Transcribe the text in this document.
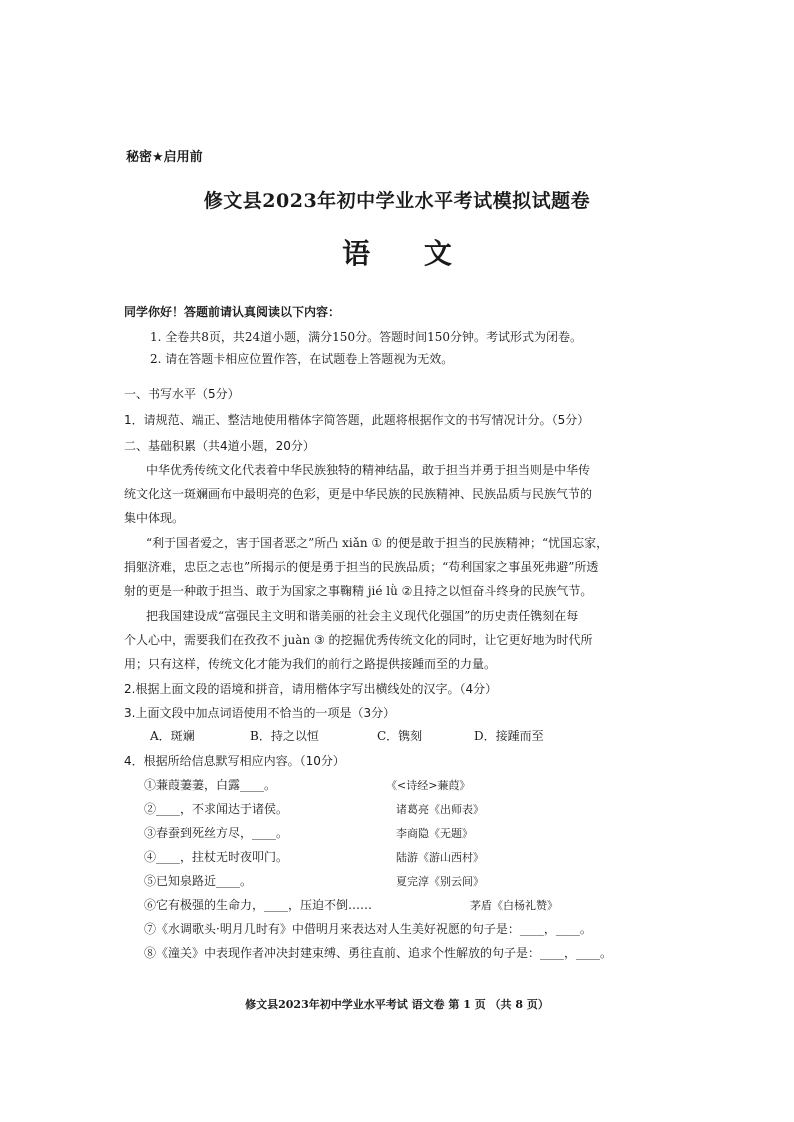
秘密★启用前
修文县2023年初中学业水平考试模拟试题卷
语 文
同学你好！答题前请认真阅读以下内容：
1. 全卷共8页，共24道小题，满分150分。答题时间150分钟。考试形式为闭卷。
2. 请在答题卡相应位置作答，在试题卷上答题视为无效。
一、书写水平（5分）
1．请规范、端正、整洁地使用楷体字简答题，此题将根据作文的书写情况计分。（5分）
二、基础积累（共4道小题，20分）
中华优秀传统文化代表着中华民族独特的精神结晶，敢于担当并勇于担当则是中华传
统文化这一斑斓画布中最明亮的色彩，更是中华民族的民族精神、民族品质与民族气节的
集中体现。
“利于国者爱之，害于国者恶之”所凸 xiǎn ① 的便是敢于担当的民族精神；“忧国忘家，
捐躯济难，忠臣之志也”所揭示的便是勇于担当的民族品质；“苟利国家之事虽死弗避”所透
射的更是一种敢于担当、敢于为国家之事鞠精 jié lǜ ②且持之以恒奋斗终身的民族气节。
把我国建设成“富强民主文明和谐美丽的社会主义现代化强国”的历史责任镌刻在每
个人心中，需要我们在孜孜不 juàn ③ 的挖掘优秀传统文化的同时，让它更好地为时代所
用；只有这样，传统文化才能为我们的前行之路提供接踵而至的力量。
2.根据上面文段的语境和拼音，请用楷体字写出横线处的汉字。（4分）
3.上面文段中加点词语使用不恰当的一项是（3分）
A．斑斓	B．持之以恒	C．镌刻	D．接踵而至
4．根据所给信息默写相应内容。（10分）
①蒹葭萋萋，白露____。	《<诗经>蒹葭》
②____，不求闻达于诸侯。	诸葛亮《出师表》
③春蚕到死丝方尽，____。	李商隐《无题》
④____，拄杖无时夜叩门。	陆游《游山西村》
⑤已知泉路近____。	夏完淳《别云间》
⑥它有极强的生命力，____，压迫不倒……	茅盾《白杨礼赞》
⑦《水调歌头·明月几时有》中借明月来表达对人生美好祝愿的句子是：____，____。
⑧《潼关》中表现作者冲决封建束缚、勇往直前、追求个性解放的句子是：____，____。
修文县2023年初中学业水平考试 语文卷 第 1 页 （共 8 页）
